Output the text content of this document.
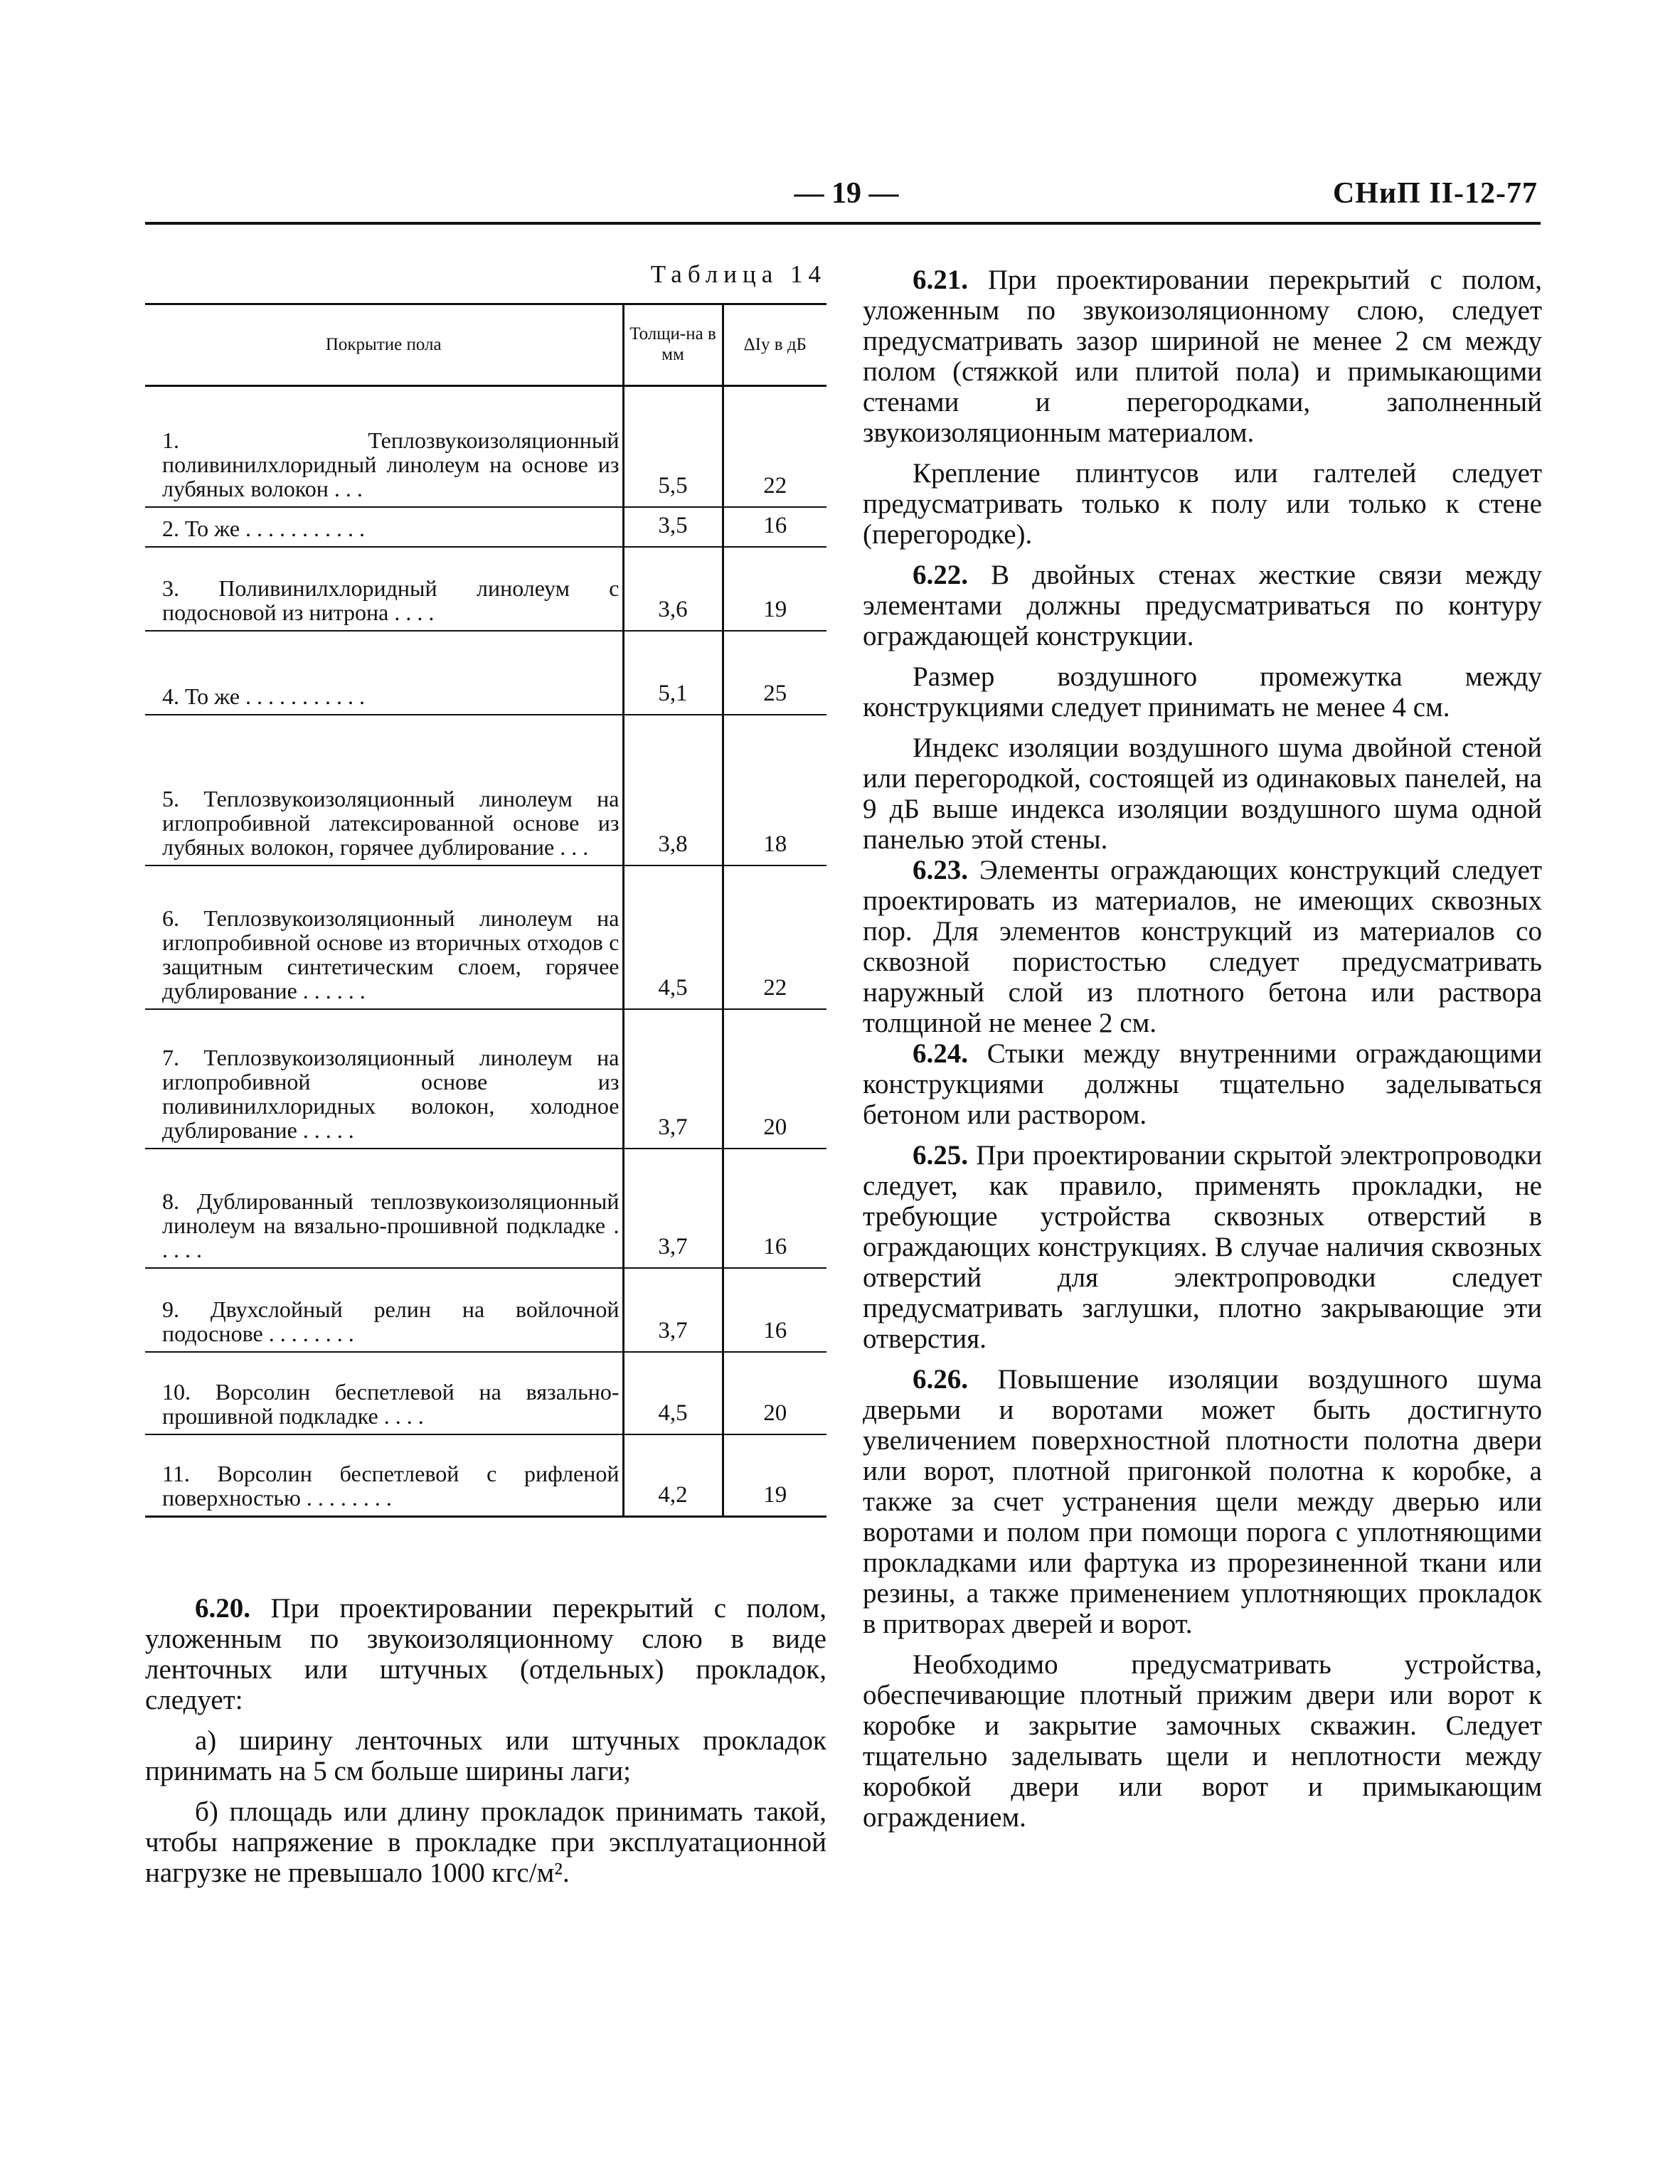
— 19 —	СНиП II-12-77
Таблица 14
Покрытие пола	Толщи-на в мм	ΔIу в дБ

1. Теплозвукоизоляционный поливинилхлоридный линолеум на основе из лубяных волокон . . .	5,5	22

2. То же . . . . . . . . . . .	3,5	16

3. Поливинилхлоридный линолеум с подосновой из нитрона . . . .	3,6	19

4. То же . . . . . . . . . . .	5,1	25

5. Теплозвукоизоляционный линолеум на иглопробивной латексированной основе из лубяных волокон, горячее дублирование . . .	3,8	18

6. Теплозвукоизоляционный линолеум на иглопробивной основе из вторичных отходов с защитным синтетическим слоем, горячее дублирование . . . . . .	4,5	22

7. Теплозвукоизоляционный линолеум на иглопробивной основе из поливинилхлоридных волокон, холодное дублирование . . . . .	3,7	20

8. Дублированный теплозвукоизоляционный линолеум на вязально-прошивной подкладке . . . . .	3,7	16

9. Двухслойный релин на войлочной подоснове . . . . . . . .	3,7	16

10. Ворсолин беспетлевой на вязально-прошивной подкладке . . . .	4,5	20

11. Ворсолин беспетлевой с рифленой поверхностью . . . . . . . .	4,2	19

6.20. При проектировании перекрытий с полом, уложенным по звукоизоляционному слою в виде ленточных или штучных (отдельных) прокладок, следует:

а) ширину ленточных или штучных прокладок принимать на 5 см больше ширины лаги;

б) площадь или длину прокладок принимать такой, чтобы напряжение в прокладке при эксплуатационной нагрузке не превышало 1000 кгс/м².

6.21. При проектировании перекрытий с полом, уложенным по звукоизоляционному слою, следует предусматривать зазор шириной не менее 2 см между полом (стяжкой или плитой пола) и примыкающими стенами и перегородками, заполненный звукоизоляционным материалом.

Крепление плинтусов или галтелей следует предусматривать только к полу или только к стене (перегородке).

6.22. В двойных стенах жесткие связи между элементами должны предусматриваться по контуру ограждающей конструкции.

Размер воздушного промежутка между конструкциями следует принимать не менее 4 см.

Индекс изоляции воздушного шума двойной стеной или перегородкой, состоящей из одинаковых панелей, на 9 дБ выше индекса изоляции воздушного шума одной панелью этой стены.

6.23. Элементы ограждающих конструкций следует проектировать из материалов, не имеющих сквозных пор. Для элементов конструкций из материалов со сквозной пористостью следует предусматривать наружный слой из плотного бетона или раствора толщиной не менее 2 см.

6.24. Стыки между внутренними ограждающими конструкциями должны тщательно заделываться бетоном или раствором.

6.25. При проектировании скрытой электропроводки следует, как правило, применять прокладки, не требующие устройства сквозных отверстий в ограждающих конструкциях. В случае наличия сквозных отверстий для электропроводки следует предусматривать заглушки, плотно закрывающие эти отверстия.

6.26. Повышение изоляции воздушного шума дверьми и воротами может быть достигнуто увеличением поверхностной плотности полотна двери или ворот, плотной пригонкой полотна к коробке, а также за счет устранения щели между дверью или воротами и полом при помощи порога с уплотняющими прокладками или фартука из прорезиненной ткани или резины, а также применением уплотняющих прокладок в притворах дверей и ворот.

Необходимо предусматривать устройства, обеспечивающие плотный прижим двери или ворот к коробке и закрытие замочных скважин. Следует тщательно заделывать щели и неплотности между коробкой двери или ворот и примыкающим ограждением.
